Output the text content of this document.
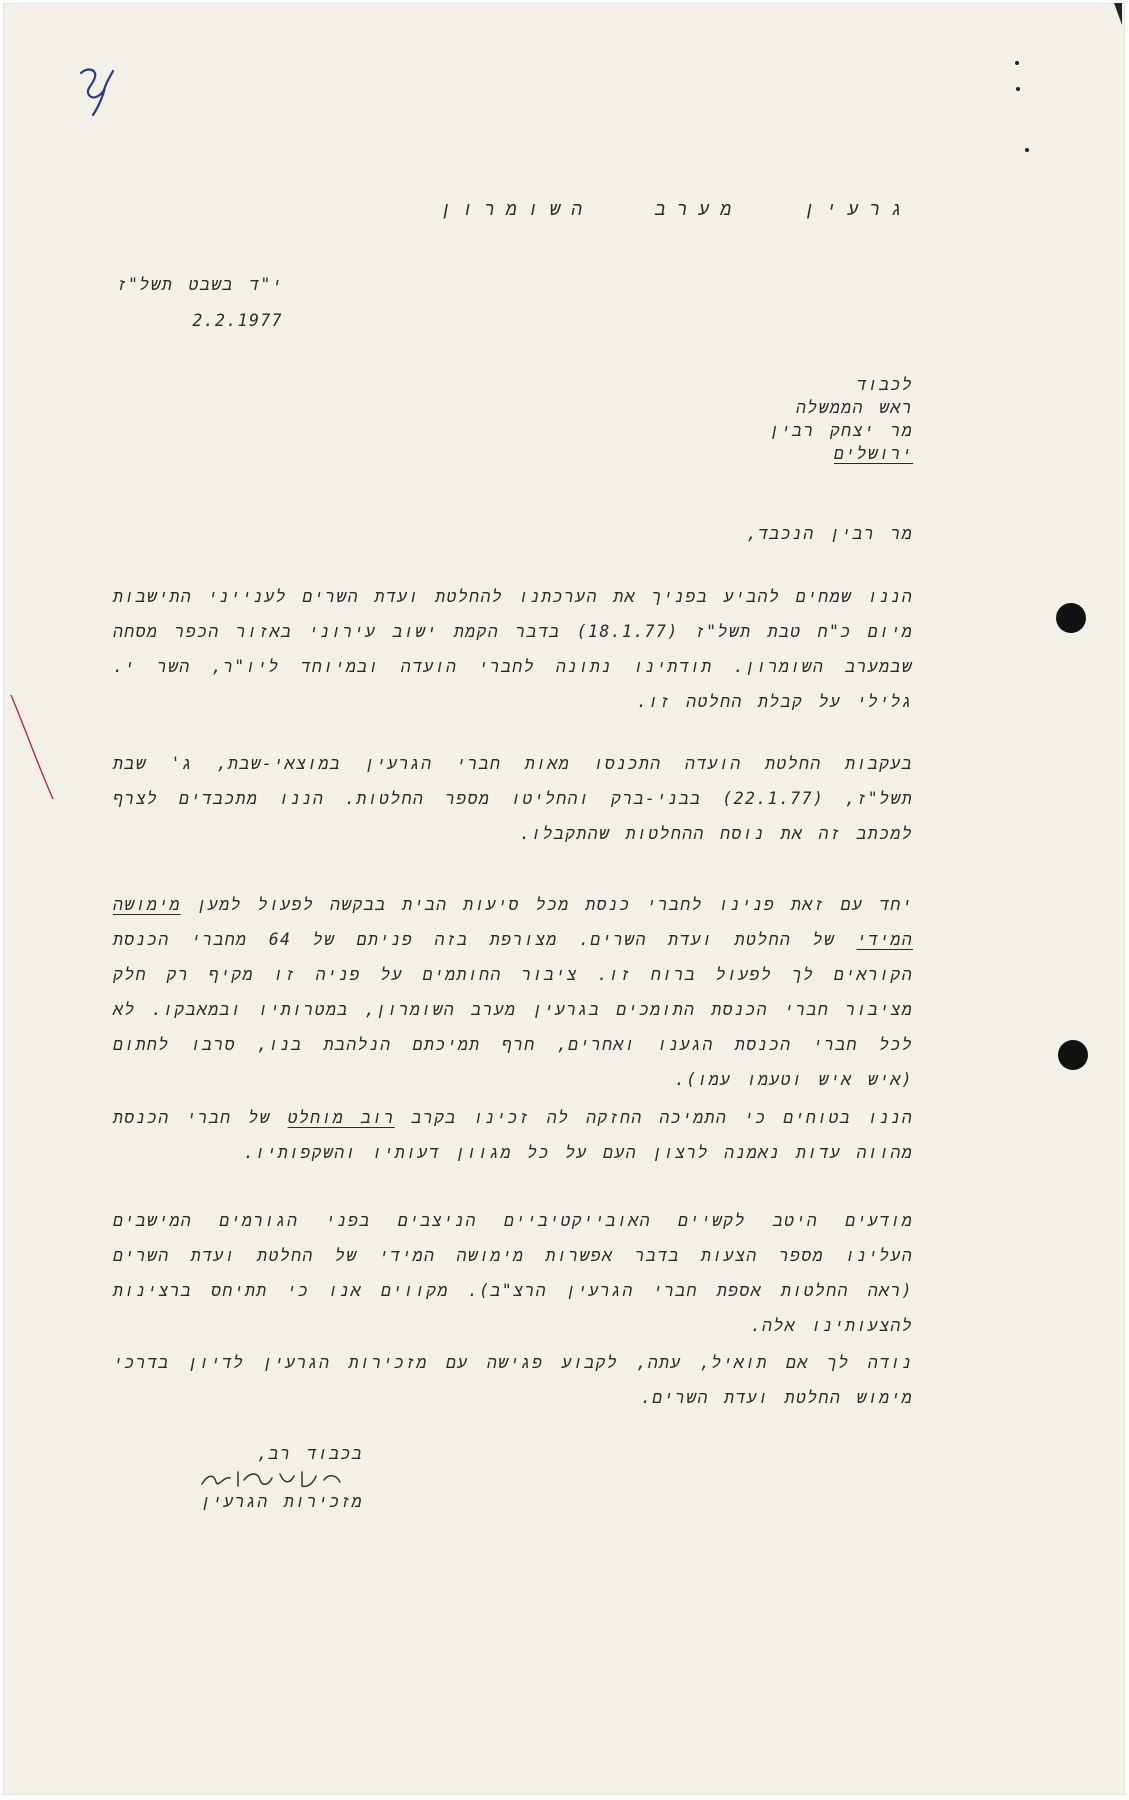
גרעין מערב השומרון
י"ד בשבט תשל"ז
2.2.1977
לכבוד
ראש הממשלה
מר יצחק רבין
ירושלים
מר רבין הנכבד,
הננו שמחים להביע בפניך את הערכתנו להחלטת ועדת השרים לענייני התישבות מיום כ"ח טבת תשל"ז (18.1.77) בדבר הקמת ישוב עירוני באזור הכפר מסחה שבמערב השומרון. תודתינו נתונה לחברי הועדה ובמיוחד ליו"ר, השר י. גלילי על קבלת החלטה זו.
בעקבות החלטת הועדה התכנסו מאות חברי הגרעין במוצאי-שבת, ג' שבת תשל"ז, (22.1.77) בבני-ברק והחליטו מספר החלטות. הננו מתכבדים לצרף למכתב זה את נוסח ההחלטות שהתקבלו.
יחד עם זאת פנינו לחברי כנסת מכל סיעות הבית בבקשה לפעול למען מימושה המידי של החלטת ועדת השרים. מצורפת בזה פניתם של 64 מחברי הכנסת הקוראים לך לפעול ברוח זו. ציבור החותמים על פניה זו מקיף רק חלק מציבור חברי הכנסת התומכים בגרעין מערב השומרון, במטרותיו ובמאבקו. לא לכל חברי הכנסת הגענו ואחרים, חרף תמיכתם הנלהבת בנו, סרבו לחתום (איש איש וטעמו עמו).
הננו בטוחים כי התמיכה החזקה לה זכינו בקרב רוב מוחלט של חברי הכנסת מהווה עדות נאמנה לרצון העם על כל מגוון דעותיו והשקפותיו.
מודעים היטב לקשיים האובייקטיביים הניצבים בפני הגורמים המישבים העלינו מספר הצעות בדבר אפשרות מימושה המידי של החלטת ועדת השרים (ראה החלטות אספת חברי הגרעין הרצ"ב). מקווים אנו כי תתיחס ברצינות להצעותינו אלה.
נודה לך אם תואיל, עתה, לקבוע פגישה עם מזכירות הגרעין לדיון בדרכי מימוש החלטת ועדת השרים.
בכבוד רב,
מזכירות הגרעין
